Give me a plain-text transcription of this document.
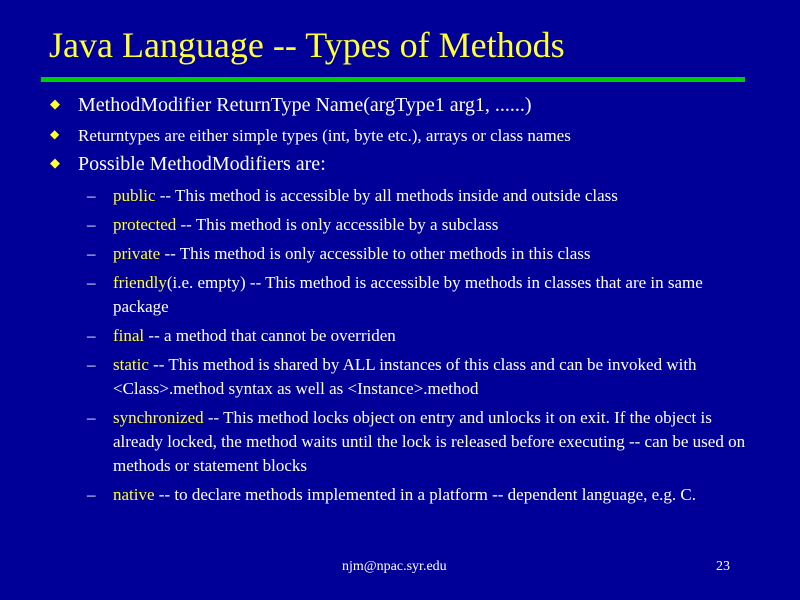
Java Language -- Types of Methods
◆ MethodModifier ReturnType Name(argType1 arg1, ......)
◆ Returntypes are either simple types (int, byte etc.), arrays or class names
◆ Possible MethodModifiers are:
– public -- This method is accessible by all methods inside and outside class
– protected -- This method is only accessible by a subclass
– private -- This method is only accessible to other methods in this class
– friendly(i.e. empty) -- This method is accessible by methods in classes that are in same package
– final -- a method that cannot be overriden
– static -- This method is shared by ALL instances of this class and can be invoked with <Class>.method syntax as well as <Instance>.method
– synchronized -- This method locks object on entry and unlocks it on exit. If the object is already locked, the method waits until the lock is released before executing -- can be used on methods or statement blocks
– native -- to declare methods implemented in a platform -- dependent language, e.g. C.
njm@npac.syr.edu	23
